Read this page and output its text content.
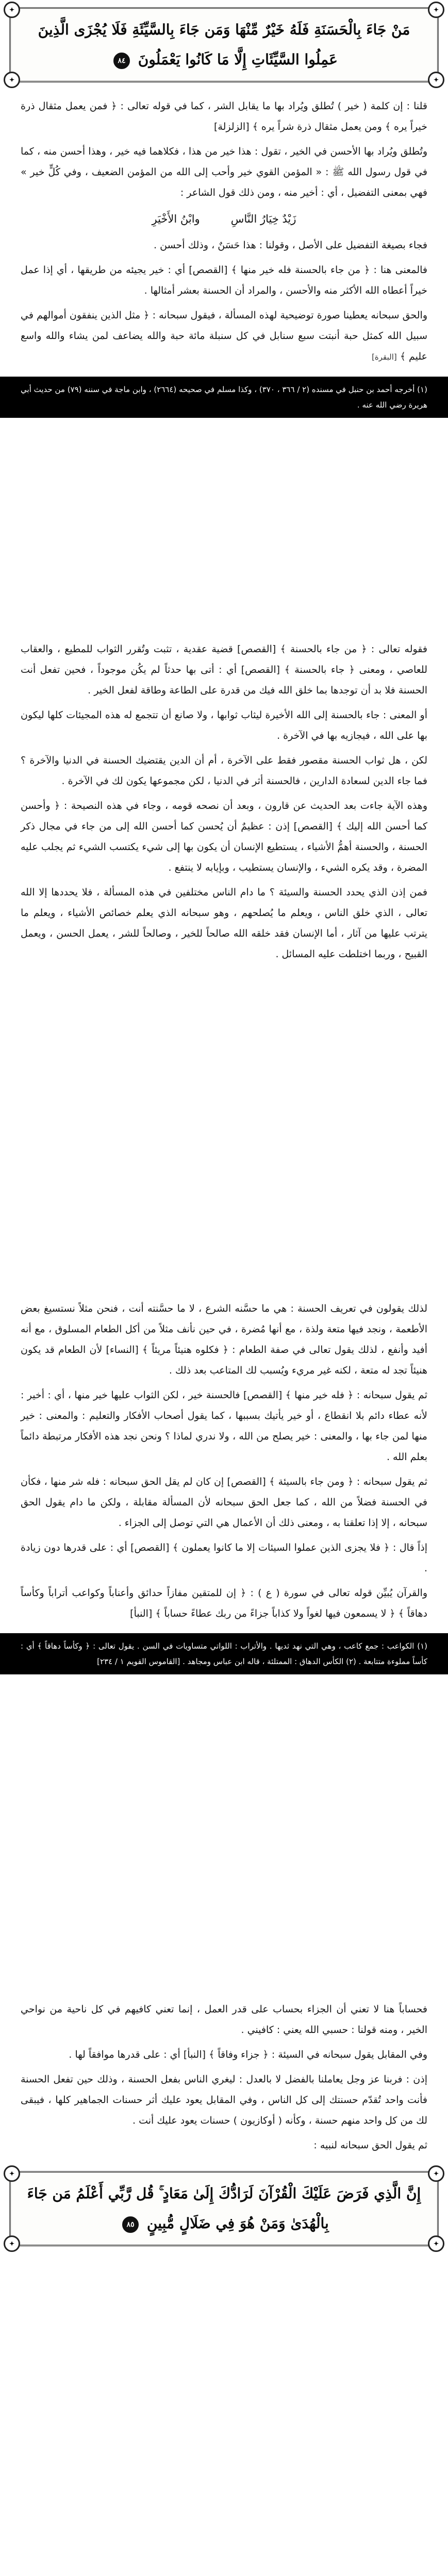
✦	✦
✦	✦
مَنْ جَاءَ بِالْحَسَنَةِ فَلَهُ خَيْرٌ مِّنْهَا وَمَن جَاءَ بِالسَّيِّئَةِ فَلَا يُجْزَى الَّذِينَ عَمِلُوا السَّيِّئَاتِ إِلَّا مَا كَانُوا يَعْمَلُونَ ٨٤

قلنا : إن كلمة ( خير ) تُطلق ويُراد بها ما يقابل الشر ، كما في قوله تعالى : ﴿ فمن يعمل مثقال ذرة خيراً يره ﴾ ومن يعمل مثقال ذرة شراً يره ﴾ [الزلزلة]

وتُطلق ويُراد بها الأحسن في الخير ، تقول : هذا خير من هذا ، فكلاهما فيه خير ، وهذا أحسن منه ، كما في قول رسول الله ﷺ : « المؤمن القوي خير وأحب إلى الله من المؤمن الضعيف ، وفي كُلٍّ خير » فهي بمعنى التفضيل ، أي : أخير منه ، ومن ذلك قول الشاعر :

زَيْدٌ خِيَارُ النَّاسِ
وابْنُ الأَخْيَرِ

فجاء بصيغة التفضيل على الأصل ، وقولنا : هذا حَسَنٌ ، وذلك أحسن .

فالمعنى هنا : ﴿ من جاء بالحسنة فله خير منها ﴾ [القصص] أي : خير يجيئه من طريقها ، أي إذا عمل خيراً أعطاه الله الأكثر منه والأحسن ، والمراد أن الحسنة بعشر أمثالها .

والحق سبحانه يعطينا صورة توضيحية لهذه المسألة ، فيقول سبحانه : ﴿ مثل الذين ينفقون أموالهم في سبيل الله كمثل حبة أنبتت سبع سنابل في كل سنبلة مائة حبة والله يضاعف لمن يشاء والله واسع عليم ﴾ [البقرة]

(١) أخرجه أحمد بن حنبل في مسنده (٢ / ٣٦٦ ، ٣٧٠) ، وكذا مسلم في صحيحه (٢٦٦٤) ، وابن ماجة في سننه (٧٩) من حديث أبي هريرة رضي الله عنه .

فقوله تعالى : ﴿ من جاء بالحسنة ﴾ [القصص] قضية عقدية ، تثبت وتُقرر الثواب للمطيع ، والعقاب للعاصي ، ومعنى ﴿ جاء بالحسنة ﴾ [القصص] أي : أتى بها حدثاً لم يكُن موجوداً ، فحين تفعل أنت الحسنة فلا بد أن توجدها بما خلق الله فيك من قدرة على الطاعة وطاقة لفعل الخير .

أو المعنى : جاء بالحسنة إلى الله الأخيرة ليثاب ثوابها ، ولا صانع أن تتجمع له هذه المجيئات كلها ليكون بها على الله ، فيجازيه بها في الآخرة .

لكن ، هل ثواب الحسنة مقصور فقط على الآخرة ، أم أن الدين يقتضيك الحسنة في الدنيا والآخرة ؟ فما جاء الدين لسعادة الدارين ، فالحسنة أثر في الدنيا ، لكن مجموعها يكون لك في الآخرة .

وهذه الآية جاءت بعد الحديث عن قارون ، وبعد أن نصحه قومه ، وجاء في هذه النصيحة : ﴿ وأحسن كما أحسن الله إليك ﴾ [القصص] إذن : عظيمٌ أن يُحسن كما أحسن الله إلى من جاء في مجال ذكر الحسنة ، والحسنة أهمُّ الأشياء ، يستطيع الإنسان أن يكون بها إلى شيء يكتسب الشيء ثم يجلب عليه المضرة ، وقد يكره الشيء ، والإنسان يستطيب ، وبإيابه لا ينتفع .

فمن إذن الذي يحدد الحسنة والسيئة ؟ ما دام الناس مختلفين في هذه المسألة ، فلا يحددها إلا الله تعالى ، الذي خلق الناس ، ويعلم ما يُصلحهم ، وهو سبحانه الذي يعلم خصائص الأشياء ، ويعلم ما يترتب عليها من آثار ، أما الإنسان فقد خلقه الله صالحاً للخير ، وصالحاً للشر ، يعمل الحسن ، ويعمل القبيح ، وربما اختلطت عليه المسائل .

لذلك يقولون في تعريف الحسنة : هي ما حسَّنه الشرع ، لا ما حسَّنته أنت ، فنحن مثلاً نستسيغ بعض الأطعمة ، ونجد فيها متعة ولذة ، مع أنها مُضرة ، في حين نأنف مثلاً من أكل الطعام المسلوق ، مع أنه أفيد وأنفع ، لذلك يقول تعالى في صفة الطعام : ﴿ فكلوه هنيئاً مريئاً ﴾ [النساء] لأن الطعام قد يكون هنيئاً تجد له متعة ، لكنه غير مريء ويُسبب لك المتاعب بعد ذلك .

ثم يقول سبحانه : ﴿ فله خير منها ﴾ [القصص] فالحسنة خير ، لكن الثواب عليها خير منها ، أي : أخير : لأنه عطاء دائم بلا انقطاع ، أو خير يأتيك بسببها ، كما يقول أصحاب الأفكار والتعليم : والمعنى : خير منها لمن جاء بها ، والمعنى : خير يصلح من الله ، ولا ندري لماذا ؟ ونحن نجد هذه الأفكار مرتبطة دائماً بعلم الله .

ثم يقول سبحانه : ﴿ ومن جاء بالسيئة ﴾ [القصص] إن كان لم يقل الحق سبحانه : فله شر منها ، فكأن في الحسنة فضلاً من الله ، كما جعل الحق سبحانه لأن المسألة مقابلة ، ولكن ما دام يقول الحق سبحانه ، إلا إذا تعلقنا به ، ومعنى ذلك أن الأعمال هي التي توصل إلى الجزاء .

إذاً قال : ﴿ فلا يجزى الذين عملوا السيئات إلا ما كانوا يعملون ﴾ [القصص] أي : على قدرها دون زيادة .

والقرآن يُبيِّن قوله تعالى في سورة ( ع ) : ﴿ إن للمتقين مفازاً حدائق وأعناباً وكواعب أتراباً وكأساً دهاقاً ﴾ ﴿ لا يسمعون فيها لغواً ولا كذاباً جزاءً من ربك عطاءً حساباً ﴾ [النبأ]

(١) الكواعب : جمع كاعب ، وهي التي نهد ثديها . والأتراب : اللواتي متساويات في السن . يقول تعالى : ﴿ وكأساً دهاقاً ﴾ أي : كأساً مملوءة متتابعة . (٢) الكأس الدهاق : الممتلئة ، قاله ابن عباس ومجاهد . [القاموس القويم ١ / ٢٣٤]

فحساباً هنا لا تعني أن الجزاء بحساب على قدر العمل ، إنما تعني كافيهم في كل ناحية من نواحي الخير ، ومنه قولنا : حسبي الله يعني : كافيني .

وفي المقابل يقول سبحانه في السيئة : ﴿ جزاء وفاقاً ﴾ [النبأ] أي : على قدرها موافقاً لها .

إذن : فربنا عز وجل يعاملنا بالفضل لا بالعدل : ليغري الناس بفعل الحسنة ، وذلك حين تفعل الحسنة فأنت واحد تُقدّم حسنتك إلى كل الناس ، وفي المقابل يعود عليك أثر حسنات الجماهير كلها ، فيبقى لك من كل واحد منهم حسنة ، وكأنه ( أوكازيون ) حسنات يعود عليك أنت .

ثم يقول الحق سبحانه لنبيه :

✦	✦
✦	✦
إِنَّ الَّذِي فَرَضَ عَلَيْكَ الْقُرْآنَ لَرَادُّكَ إِلَىٰ مَعَادٍ ۚ قُل رَّبِّي أَعْلَمُ مَن جَاءَ بِالْهُدَىٰ وَمَنْ هُوَ فِي ضَلَالٍ مُّبِينٍ ٨٥
